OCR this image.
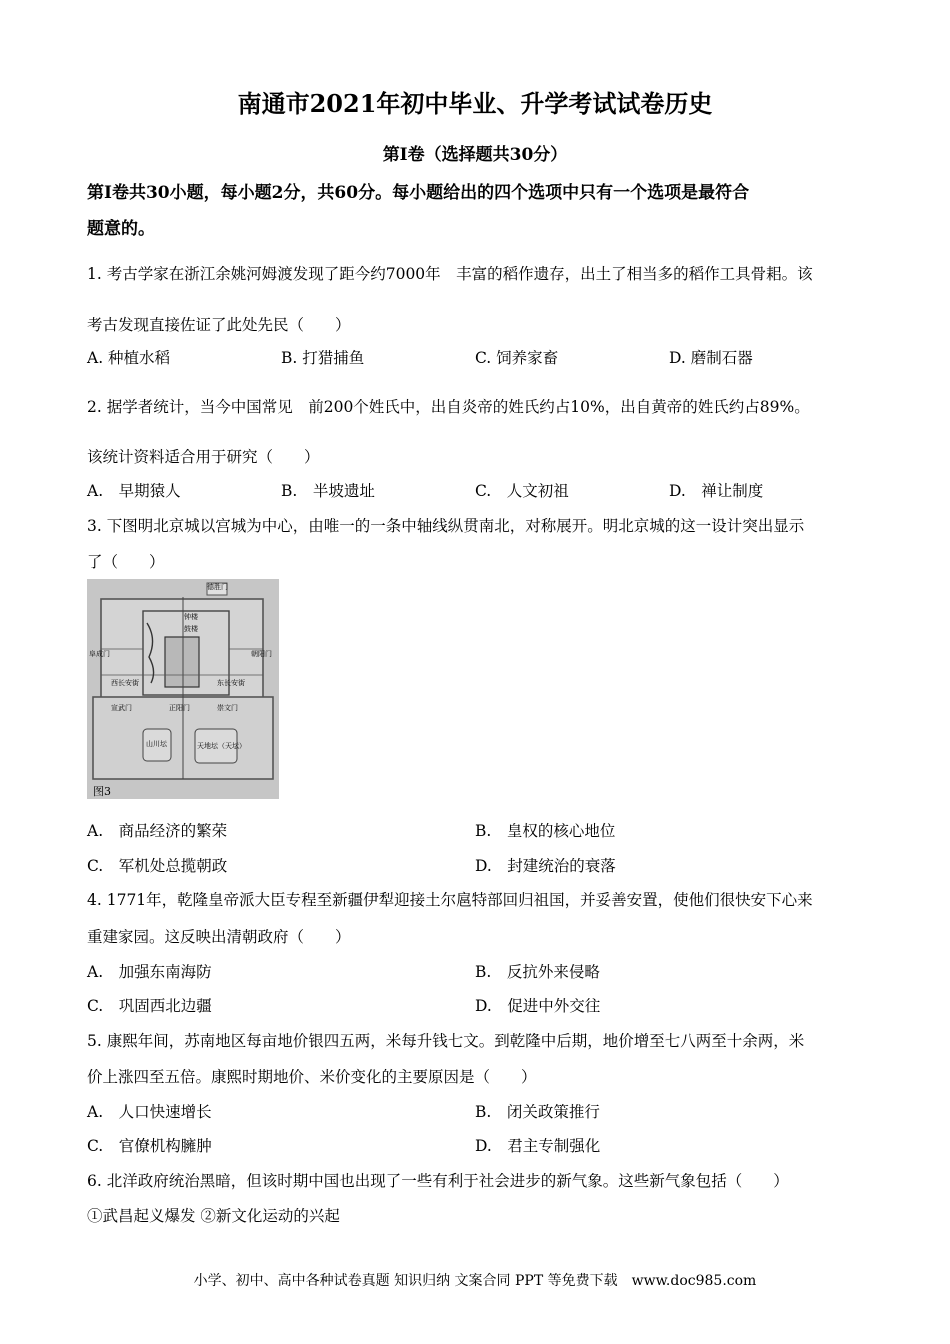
南通市2021年初中毕业、升学考试试卷历史
第Ⅰ卷（选择题共30分）
第Ⅰ卷共30小题，每小题2分，共60分。每小题给出的四个选项中只有一个选项是最符合
题意的。
1. 考古学家在浙江余姚河姆渡发现了距今约7000年　丰富的稻作遗存，出土了相当多的稻作工具骨耜。该
考古发现直接佐证了此处先民（　　）
A. 种植水稻	B. 打猎捕鱼	C. 饲养家畜	D. 磨制石器
2. 据学者统计，当今中国常见　前200个姓氏中，出自炎帝的姓氏约占10%，出自黄帝的姓氏约占89%。
该统计资料适合用于研究（　　）
A.　早期猿人	B.　半坡遗址	C.　人文初祖	D.　禅让制度
3. 下图明北京城以宫城为中心，由唯一的一条中轴线纵贯南北，对称展开。明北京城的这一设计突出显示
了（　　）
德胜门
钟楼
鼓楼
阜成门	朝阳门
西长安街	东长安街
宣武门	崇文门
正阳门
山川坛	天地坛（天坛）
图3
A.　商品经济的繁荣	B.　皇权的核心地位
C.　军机处总揽朝政	D.　封建统治的衰落
4. 1771年，乾隆皇帝派大臣专程至新疆伊犁迎接土尔扈特部回归祖国，并妥善安置，使他们很快安下心来
重建家园。这反映出清朝政府（　　）
A.　加强东南海防	B.　反抗外来侵略
C.　巩固西北边疆	D.　促进中外交往
5. 康熙年间，苏南地区每亩地价银四五两，米每升钱七文。到乾隆中后期，地价增至七八两至十余两，米
价上涨四至五倍。康熙时期地价、米价变化的主要原因是（　　）
A.　人口快速增长	B.　闭关政策推行
C.　官僚机构臃肿	D.　君主专制强化
6. 北洋政府统治黑暗，但该时期中国也出现了一些有利于社会进步的新气象。这些新气象包括（　　）
①武昌起义爆发 ②新文化运动的兴起
小学、初中、高中各种试卷真题 知识归纳 文案合同 PPT 等免费下载　www.doc985.com
